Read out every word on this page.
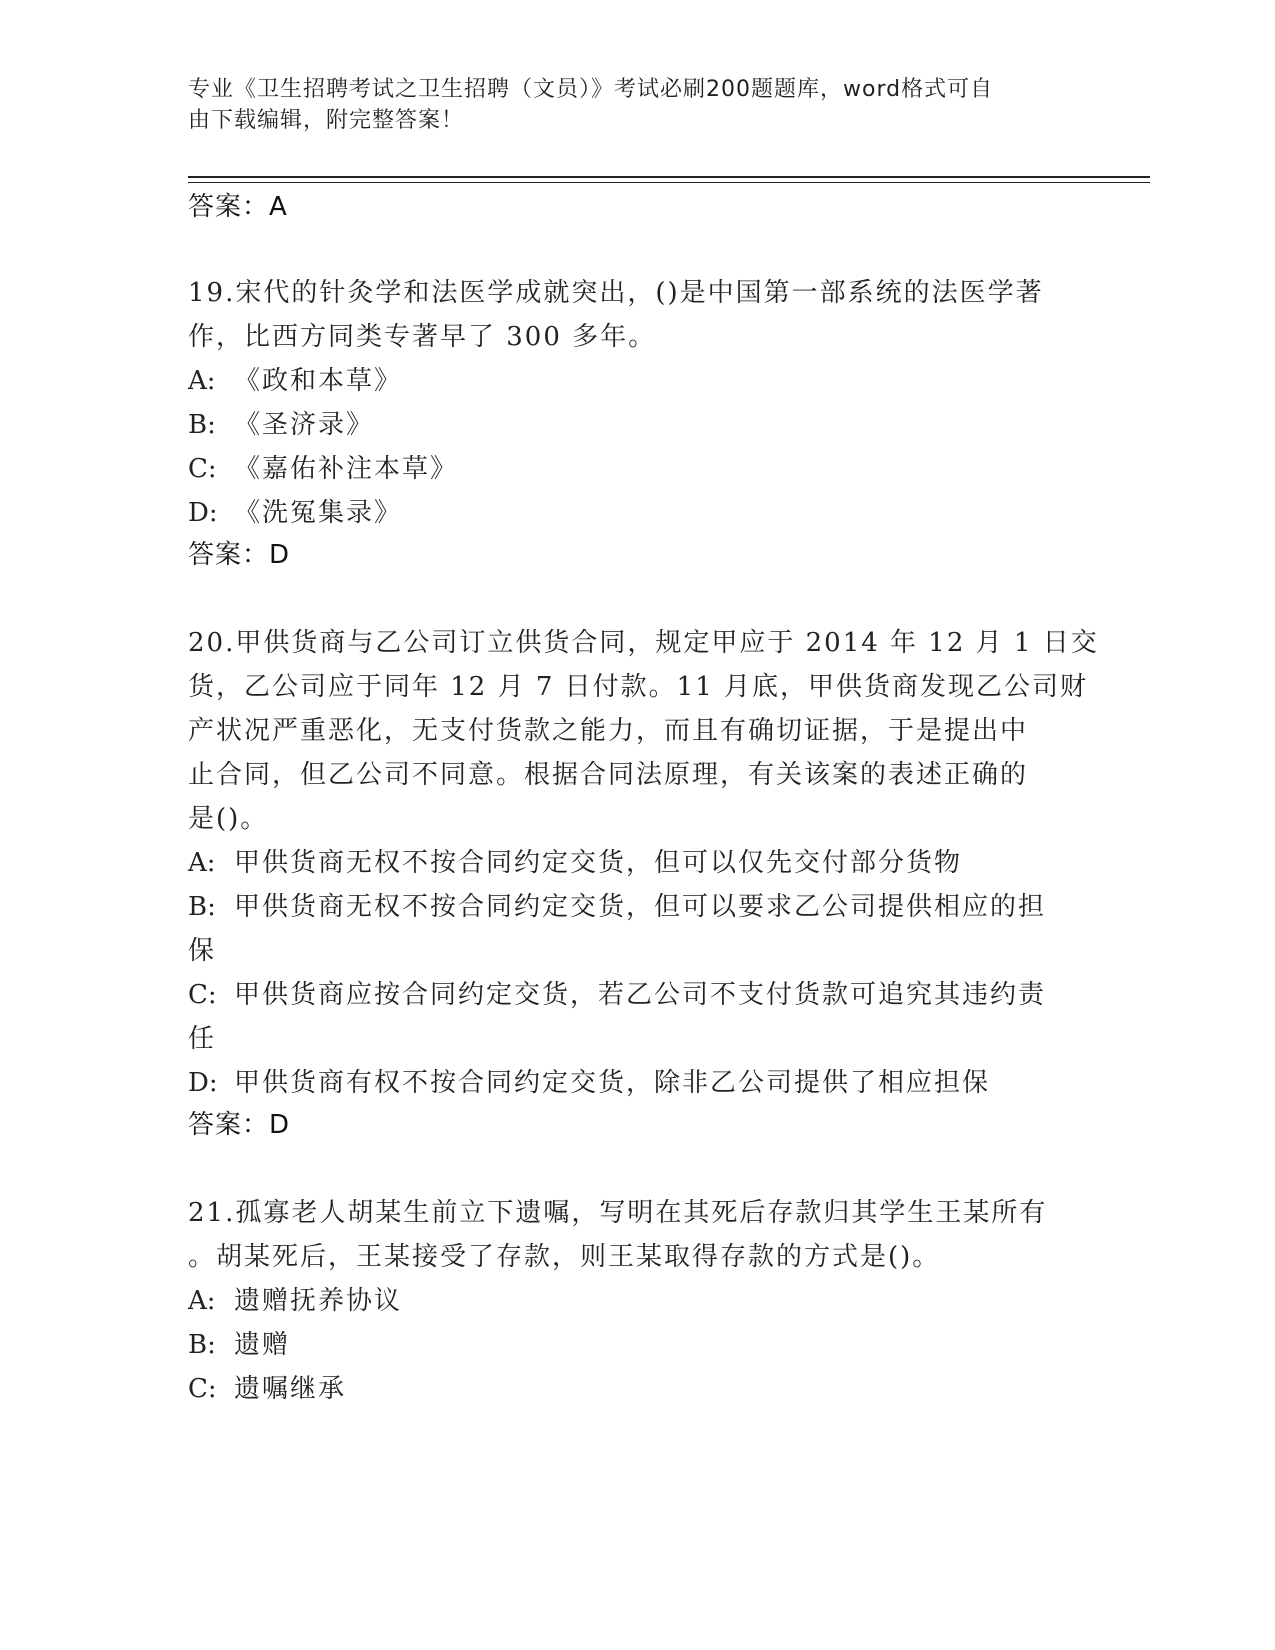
专业《卫生招聘考试之卫生招聘（文员）》考试必刷200题题库，word格式可自
由下载编辑，附完整答案！
答案：A
19.宋代的针灸学和法医学成就突出，()是中国第一部系统的法医学著
作，比西方同类专著早了 300 多年。
A: 《政和本草》
B: 《圣济录》
C: 《嘉佑补注本草》
D: 《洗冤集录》
答案：D
20.甲供货商与乙公司订立供货合同，规定甲应于 2014 年 12 月 1 日交
货，乙公司应于同年 12 月 7 日付款。11 月底，甲供货商发现乙公司财
产状况严重恶化，无支付货款之能力，而且有确切证据，于是提出中
止合同，但乙公司不同意。根据合同法原理，有关该案的表述正确的
是()。
A: 甲供货商无权不按合同约定交货，但可以仅先交付部分货物
B: 甲供货商无权不按合同约定交货，但可以要求乙公司提供相应的担
保
C: 甲供货商应按合同约定交货，若乙公司不支付货款可追究其违约责
任
D: 甲供货商有权不按合同约定交货，除非乙公司提供了相应担保
答案：D
21.孤寡老人胡某生前立下遗嘱，写明在其死后存款归其学生王某所有
。胡某死后，王某接受了存款，则王某取得存款的方式是()。
A: 遗赠抚养协议
B: 遗赠
C: 遗嘱继承
